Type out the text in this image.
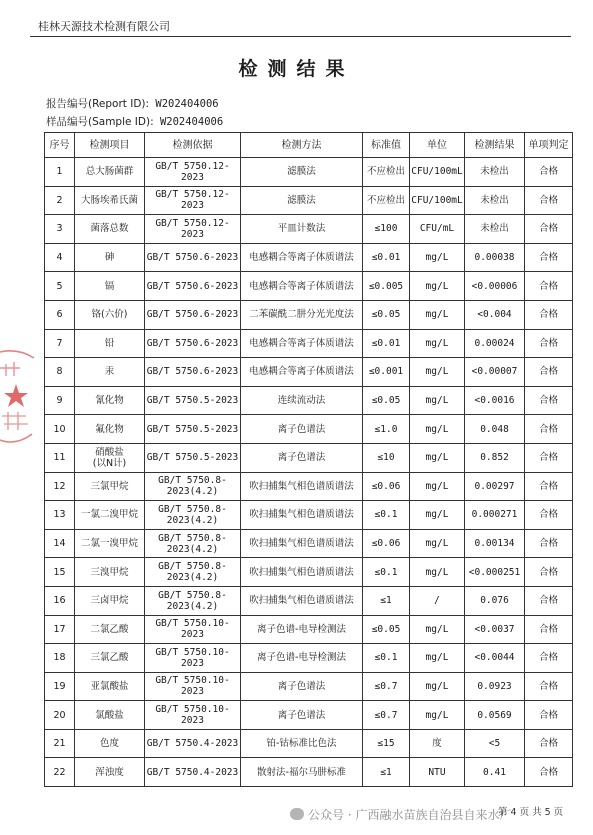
桂林天源技术检测有限公司
检测结果
报告编号(Report ID): W202404006
样品编号(Sample ID): W202404006
序号	检测项目	检测依据	检测方法	标准值	单位	检测结果	单项判定
1	总大肠菌群	GB/T 5750.12-2023	滤膜法	不应检出	CFU/100mL	未检出	合格
2	大肠埃希氏菌	GB/T 5750.12-2023	滤膜法	不应检出	CFU/100mL	未检出	合格
3	菌落总数	GB/T 5750.12-2023	平皿计数法	≤100	CFU/mL	未检出	合格
4	砷	GB/T 5750.6-2023	电感耦合等离子体质谱法	≤0.01	mg/L	0.00038	合格
5	镉	GB/T 5750.6-2023	电感耦合等离子体质谱法	≤0.005	mg/L	<0.00006	合格
6	铬(六价)	GB/T 5750.6-2023	二苯碳酰二肼分光光度法	≤0.05	mg/L	<0.004	合格
7	铅	GB/T 5750.6-2023	电感耦合等离子体质谱法	≤0.01	mg/L	0.00024	合格
8	汞	GB/T 5750.6-2023	电感耦合等离子体质谱法	≤0.001	mg/L	<0.00007	合格
9	氰化物	GB/T 5750.5-2023	连续流动法	≤0.05	mg/L	<0.0016	合格
10	氟化物	GB/T 5750.5-2023	离子色谱法	≤1.0	mg/L	0.048	合格
11	硝酸盐
(以N计)	GB/T 5750.5-2023	离子色谱法	≤10	mg/L	0.852	合格
12	三氯甲烷	GB/T 5750.8-
2023(4.2)	吹扫捕集气相色谱质谱法	≤0.06	mg/L	0.00297	合格
13	一氯二溴甲烷	GB/T 5750.8-
2023(4.2)	吹扫捕集气相色谱质谱法	≤0.1	mg/L	0.000271	合格
14	二氯一溴甲烷	GB/T 5750.8-
2023(4.2)	吹扫捕集气相色谱质谱法	≤0.06	mg/L	0.00134	合格
15	三溴甲烷	GB/T 5750.8-
2023(4.2)	吹扫捕集气相色谱质谱法	≤0.1	mg/L	<0.000251	合格
16	三卤甲烷	GB/T 5750.8-
2023(4.2)	吹扫捕集气相色谱质谱法	≤1	/	0.076	合格
17	二氯乙酸	GB/T 5750.10-2023	离子色谱-电导检测法	≤0.05	mg/L	<0.0037	合格
18	三氯乙酸	GB/T 5750.10-2023	离子色谱-电导检测法	≤0.1	mg/L	<0.0044	合格
19	亚氯酸盐	GB/T 5750.10-2023	离子色谱法	≤0.7	mg/L	0.0923	合格
20	氯酸盐	GB/T 5750.10-2023	离子色谱法	≤0.7	mg/L	0.0569	合格
21	色度	GB/T 5750.4-2023	铂-钴标准比色法	≤15	度	<5	合格
22	浑浊度	GB/T 5750.4-2023	散射法-福尔马肼标准	≤1	NTU	0.41	合格
公众号 · 广西融水苗族自治县自来水厂
第 4 页 共 5 页
